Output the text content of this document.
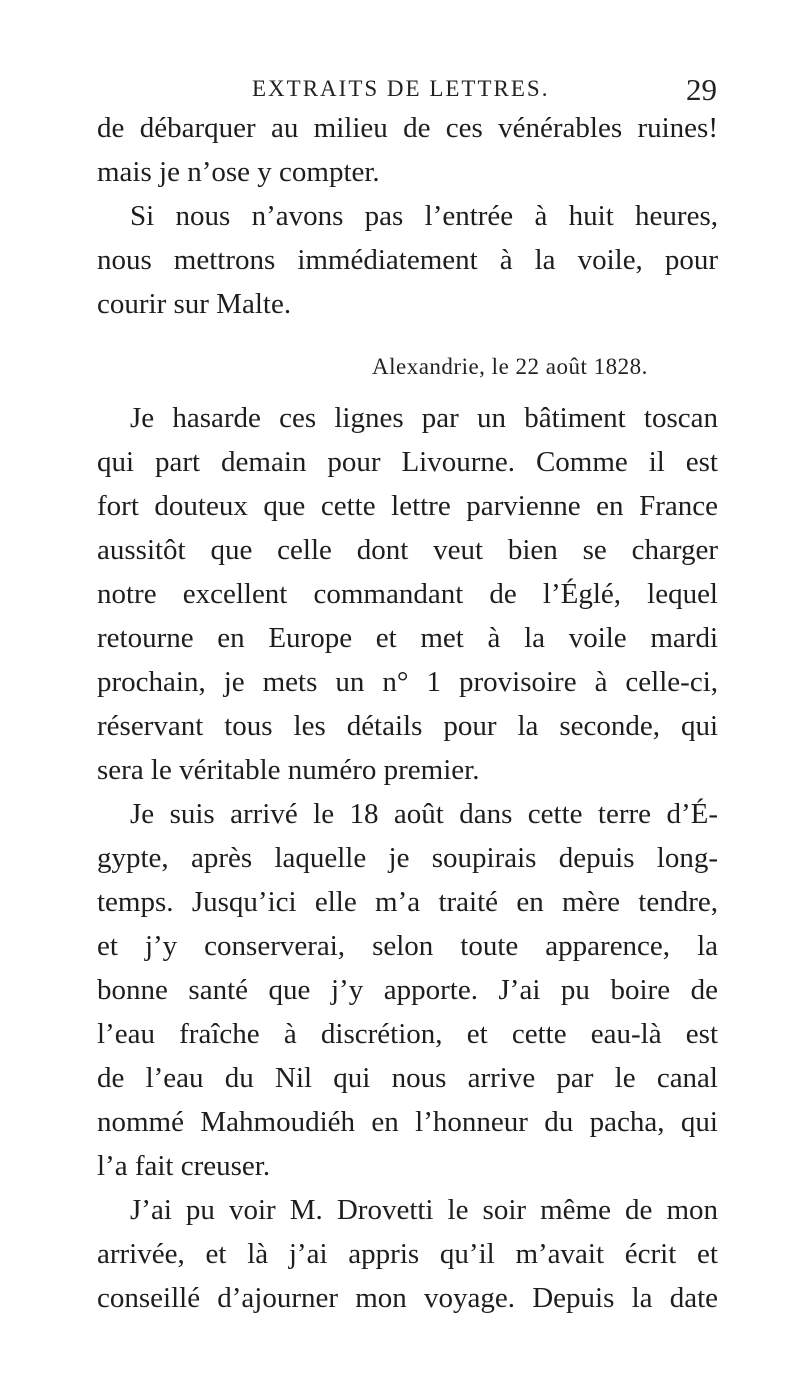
EXTRAITS DE LETTRES.	29
de débarquer au milieu de ces vénérables ruines!
mais je n’ose y compter.
Si nous n’avons pas l’entrée à huit heures,
nous mettrons immédiatement à la voile, pour
courir sur Malte.
Alexandrie, le 22 août 1828.
Je hasarde ces lignes par un bâtiment toscan
qui part demain pour Livourne. Comme il est
fort douteux que cette lettre parvienne en France
aussitôt que celle dont veut bien se charger
notre excellent commandant de l’Églé, lequel
retourne en Europe et met à la voile mardi
prochain, je mets un n° 1 provisoire à celle-ci,
réservant tous les détails pour la seconde, qui
sera le véritable numéro premier.
Je suis arrivé le 18 août dans cette terre d’É-
gypte, après laquelle je soupirais depuis long-
temps. Jusqu’ici elle m’a traité en mère tendre,
et j’y conserverai, selon toute apparence, la
bonne santé que j’y apporte. J’ai pu boire de
l’eau fraîche à discrétion, et cette eau-là est
de l’eau du Nil qui nous arrive par le canal
nommé Mahmoudiéh en l’honneur du pacha, qui
l’a fait creuser.
J’ai pu voir M. Drovetti le soir même de mon
arrivée, et là j’ai appris qu’il m’avait écrit et
conseillé d’ajourner mon voyage. Depuis la date
